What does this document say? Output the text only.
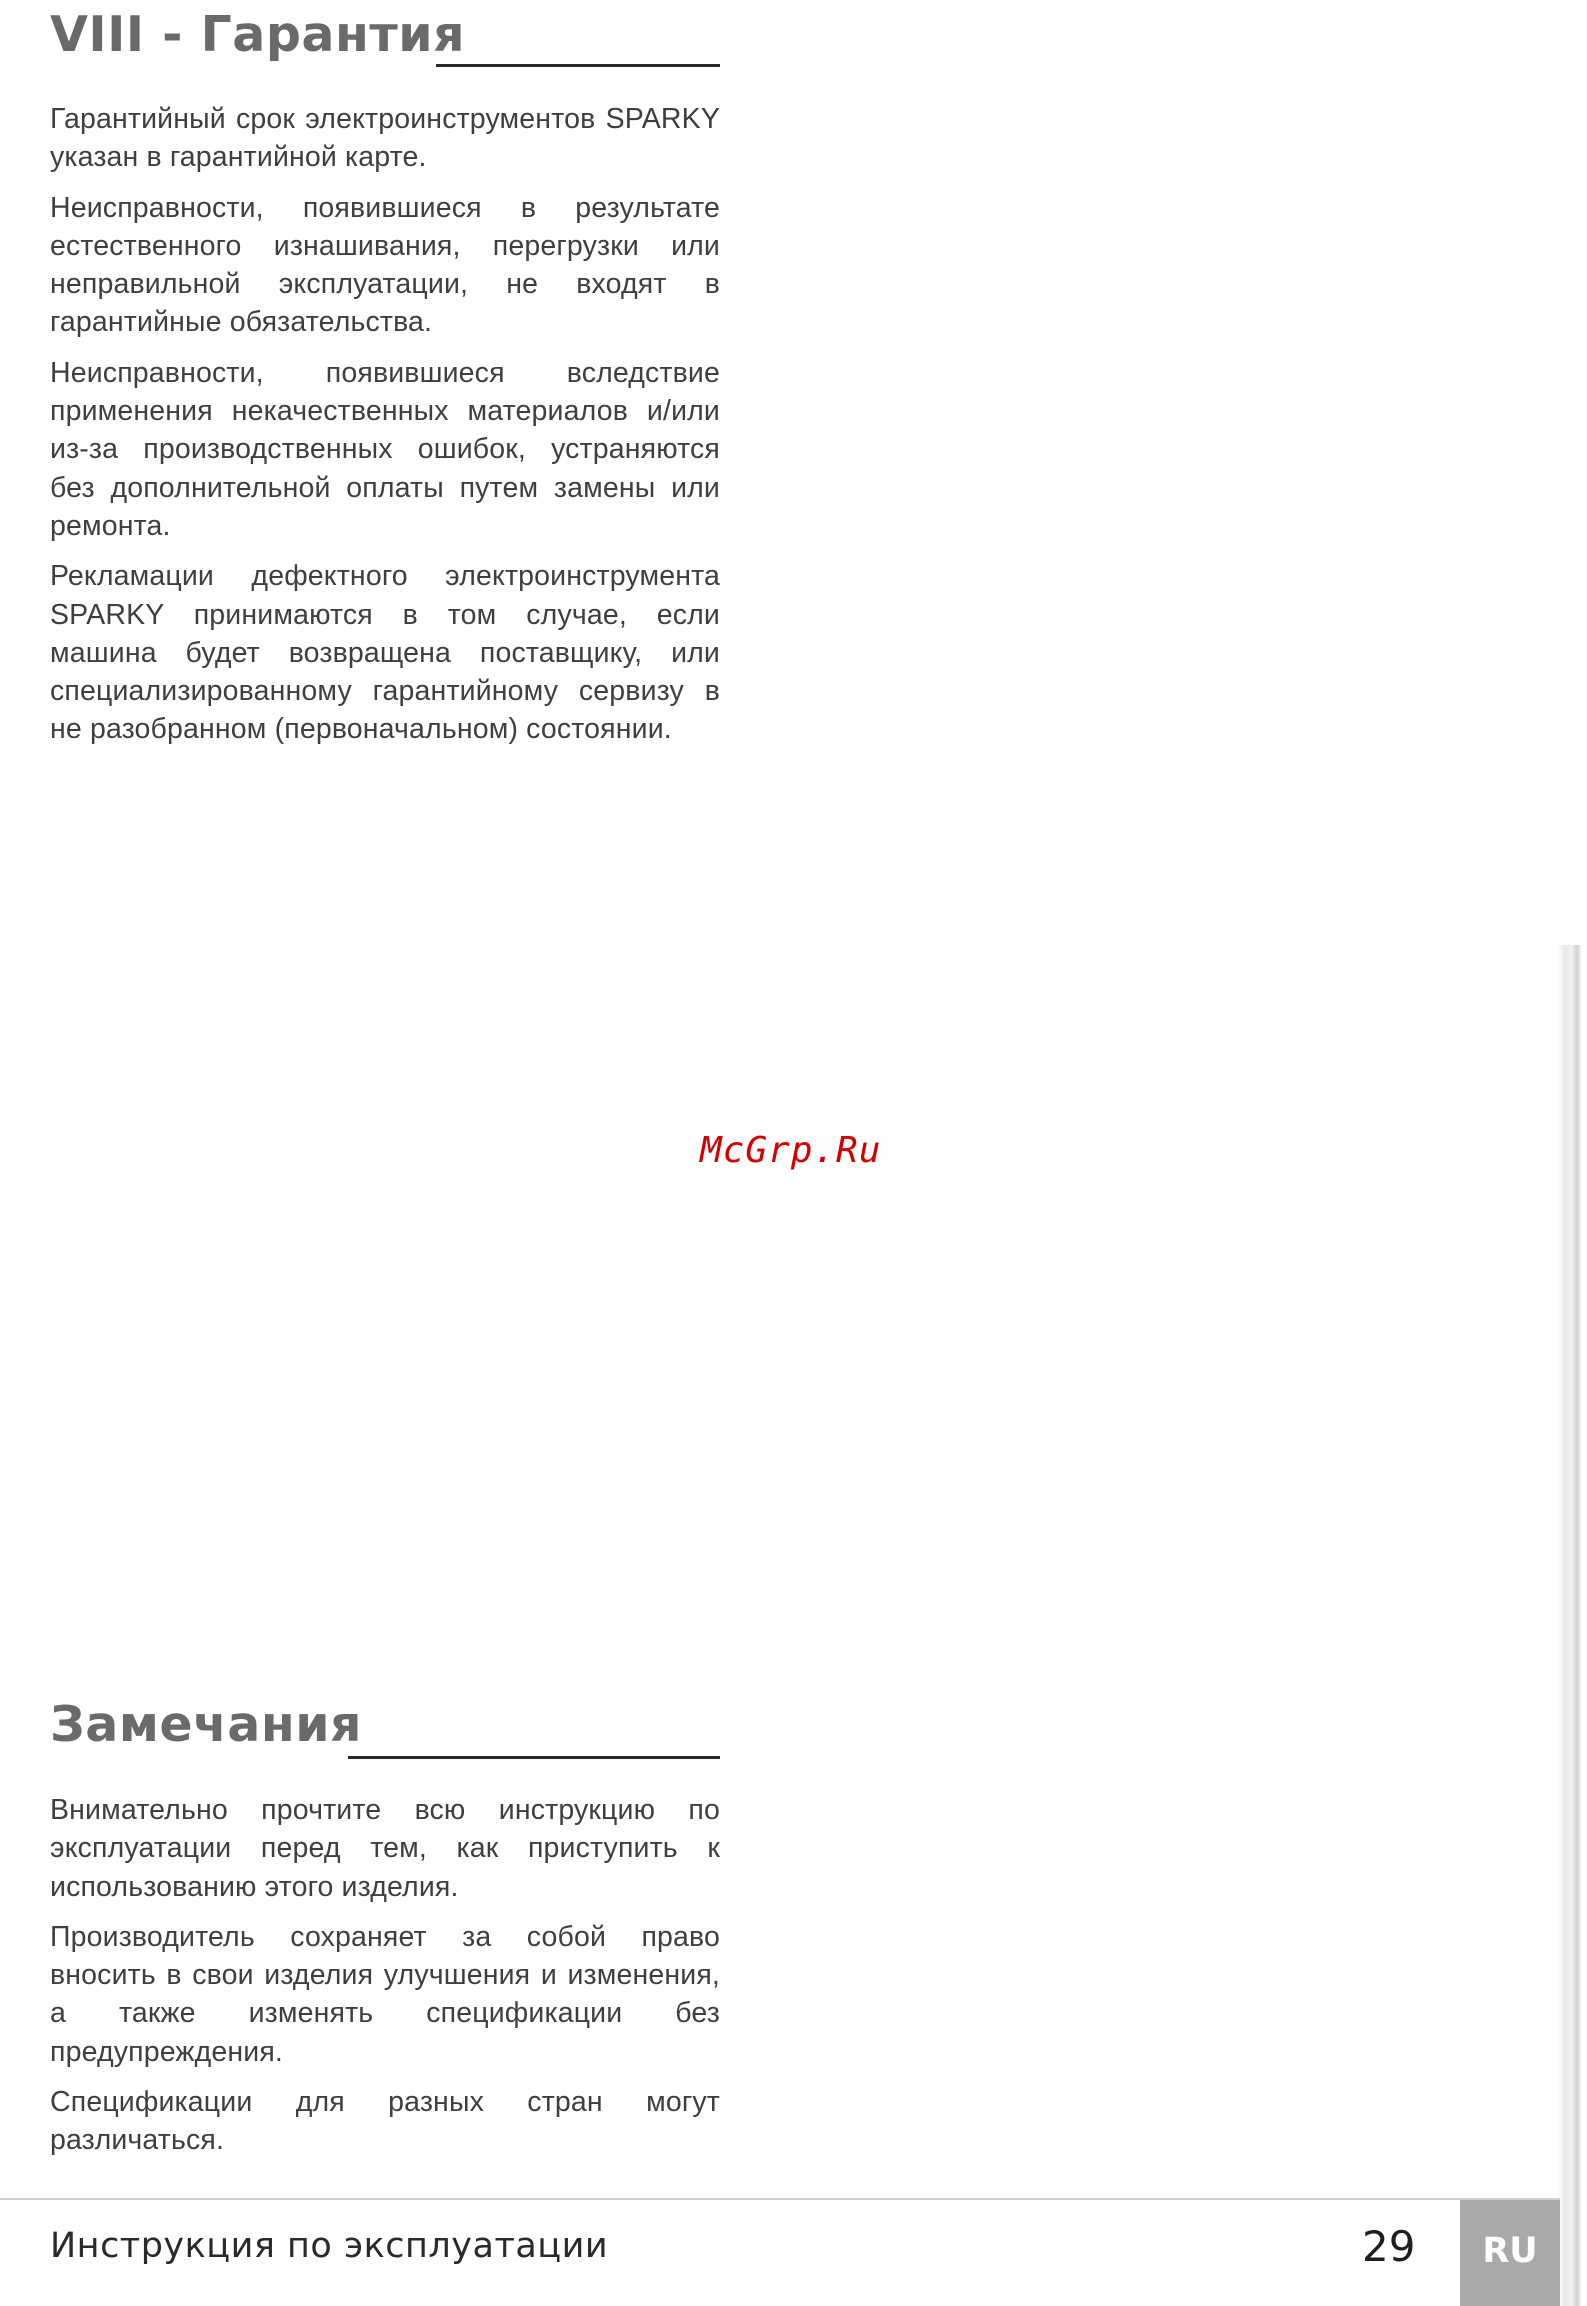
VIII - Гарантия

Гарантийный срок электроинструментов SPARKY указан в гарантийной карте.

Неисправности, появившиеся в результате естественного изнашивания, перегрузки или неправильной эксплуатации, не входят в гарантийные обязательства.

Неисправности, появившиеся вследствие применения некачественных материалов и/или из-за производственных ошибок, устраняются без дополнительной оплаты путем замены или ремонта.

Рекламации дефектного электроинструмента SPARKY принимаются в том случае, если машина будет возвращена поставщику, или специализированному гарантийному сервизу в не разобранном (первоначальном) состоянии.

McGrp.Ru
Замечания

Внимательно прочтите всю инструкцию по эксплуатации перед тем, как приступить к использованию этого изделия.

Производитель сохраняет за собой право вносить в свои изделия улучшения и изменения, а также изменять спецификации без предупреждения.

Спецификации для разных стран могут различаться.

Инструкция по эксплуатации	29	RU
